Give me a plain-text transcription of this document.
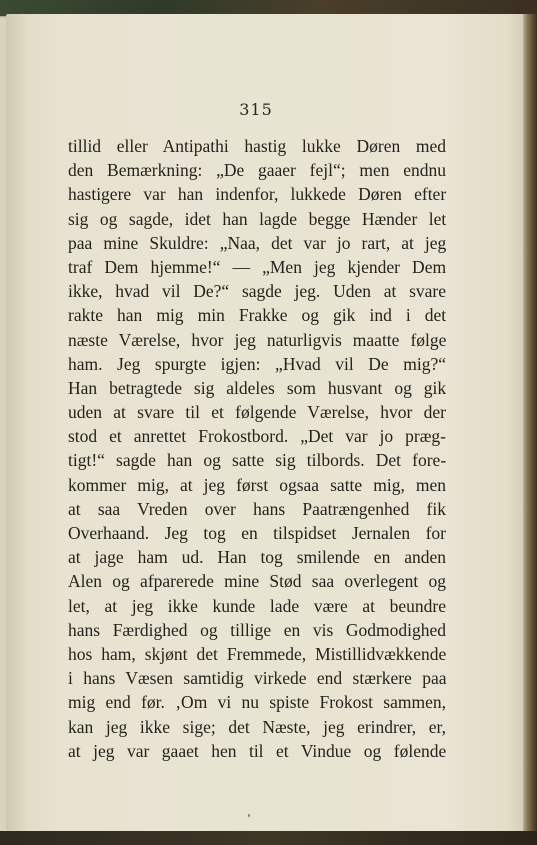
315
tillid eller Antipathi hastig lukke Døren med
den Bemærkning: „De gaaer fejl“; men endnu
hastigere var han indenfor, lukkede Døren efter
sig og sagde, idet han lagde begge Hænder let
paa mine Skuldre: „Naa, det var jo rart, at jeg
traf Dem hjemme!“ — „Men jeg kjender Dem
ikke, hvad vil De?“ sagde jeg. Uden at svare
rakte han mig min Frakke og gik ind i det
næste Værelse, hvor jeg naturligvis maatte følge
ham. Jeg spurgte igjen: „Hvad vil De mig?“
Han betragtede sig aldeles som husvant og gik
uden at svare til et følgende Værelse, hvor der
stod et anrettet Frokostbord. „Det var jo præg-
tigt!“ sagde han og satte sig tilbords. Det fore-
kommer mig, at jeg først ogsaa satte mig, men
at saa Vreden over hans Paatrængenhed fik
Overhaand. Jeg tog en tilspidset Jernalen for
at jage ham ud. Han tog smilende en anden
Alen og afparerede mine Stød saa overlegent og
let, at jeg ikke kunde lade være at beundre
hans Færdighed og tillige en vis Godmodighed
hos ham, skjønt det Fremmede, Mistillidvækkende
i hans Væsen samtidig virkede end stærkere paa
mig end før. ‚Om vi nu spiste Frokost sammen,
kan jeg ikke sige; det Næste, jeg erindrer, er,
at jeg var gaaet hen til et Vindue og følende
